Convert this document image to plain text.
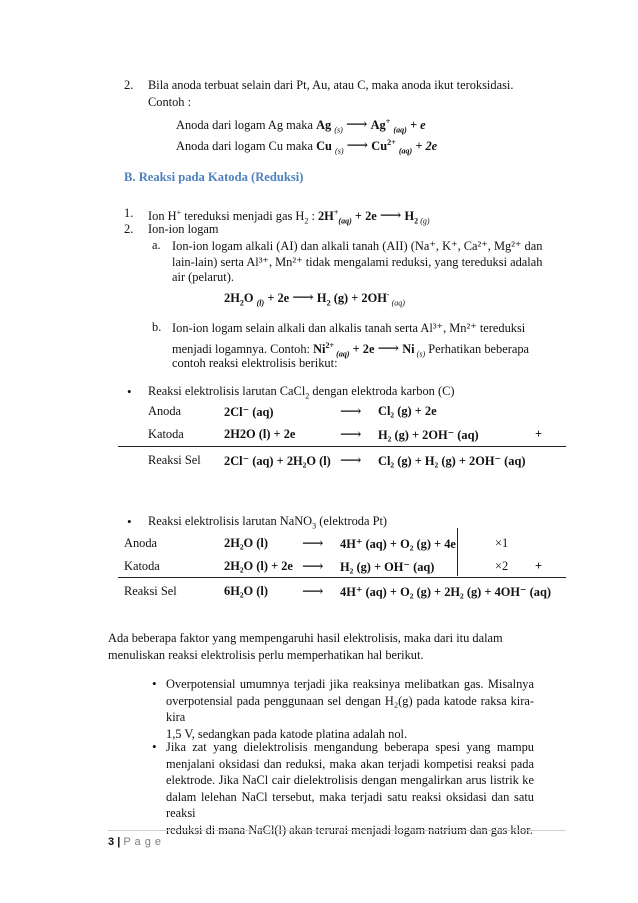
2. Bila anoda terbuat selain dari Pt, Au, atau C, maka anoda ikut teroksidasi.
Contoh :
Anoda dari logam Ag maka Ag $_{(s)}$ ⟶ Ag+ $_{(aq)}$ + e
Anoda dari logam Cu maka Cu $_{(s)}$ ⟶ $Cu^{2+}$ $_{(aq)}$ + 2e
B. Reaksi pada Katoda (Reduksi)
1. Ion H+ tereduksi menjadi gas $H_2$ : $2H^+_{(aq)} + 2e$ ⟶ $H_2$ $_{(g)}$
2. Ion-ion logam
a. Ion-ion logam alkali (AI) dan alkali tanah (AII) (Na⁺, K⁺, Ca²⁺, Mg²⁺ dan
lain-lain) serta Al³⁺, Mn²⁺ tidak mengalami reduksi, yang tereduksi adalah
air (pelarut).
$2H_2O$ $_{(l)}$ + 2e ⟶ $H_2$ (g) + 2OH- $_{(aq)}$
b. Ion-ion logam selain alkali dan alkalis tanah serta Al³⁺, Mn²⁺ tereduksi
menjadi logamnya. Contoh: $Ni^{2+}$ $_{(aq)}$ + 2e ⟶ Ni $_{(s)}$ Perhatikan beberapa
contoh reaksi elektrolisis berikut:
• Reaksi elektrolisis larutan CaCl$_2$ dengan elektroda karbon (C)
Anoda	2Cl⁻ (aq)	⟶ Cl₂ (g) + 2e
Katoda	2H2O (l) + 2e	⟶ H₂ (g) + 2OH⁻ (aq)	+
Reaksi Sel 2Cl⁻ (aq) + 2H₂O (l) ⟶ Cl₂ (g) + H₂ (g) + 2OH⁻ (aq)
• Reaksi elektrolisis larutan NaNO$_3$ (elektroda Pt)
Anoda	2H₂O (l) ⟶ 4H⁺ (aq) + O₂ (g) + 4e	×1
Katoda	2H₂O (l) + 2e ⟶ H₂ (g) + OH⁻ (aq)	×2 +
Reaksi Sel	6H₂O (l) ⟶ 4H⁺ (aq) + O₂ (g) + 2H₂ (g) + 4OH⁻ (aq)
Ada beberapa faktor yang mempengaruhi hasil elektrolisis, maka dari itu dalam
menuliskan reaksi elektrolisis perlu memperhatikan hal berikut.
• Overpotensial umumnya terjadi jika reaksinya melibatkan gas. Misalnya
overpotensial pada penggunaan sel dengan H₂(g) pada katode raksa kira-kira
1,5 V, sedangkan pada katode platina adalah nol.
• Jika zat yang dielektrolisis mengandung beberapa spesi yang mampu
menjalani oksidasi dan reduksi, maka akan terjadi kompetisi reaksi pada
elektrode. Jika NaCl cair dielektrolisis dengan mengalirkan arus listrik ke
dalam lelehan NaCl tersebut, maka terjadi satu reaksi oksidasi dan satu reaksi
reduksi di mana NaCl(l) akan terurai menjadi logam natrium dan gas klor.
3 | P a g e
